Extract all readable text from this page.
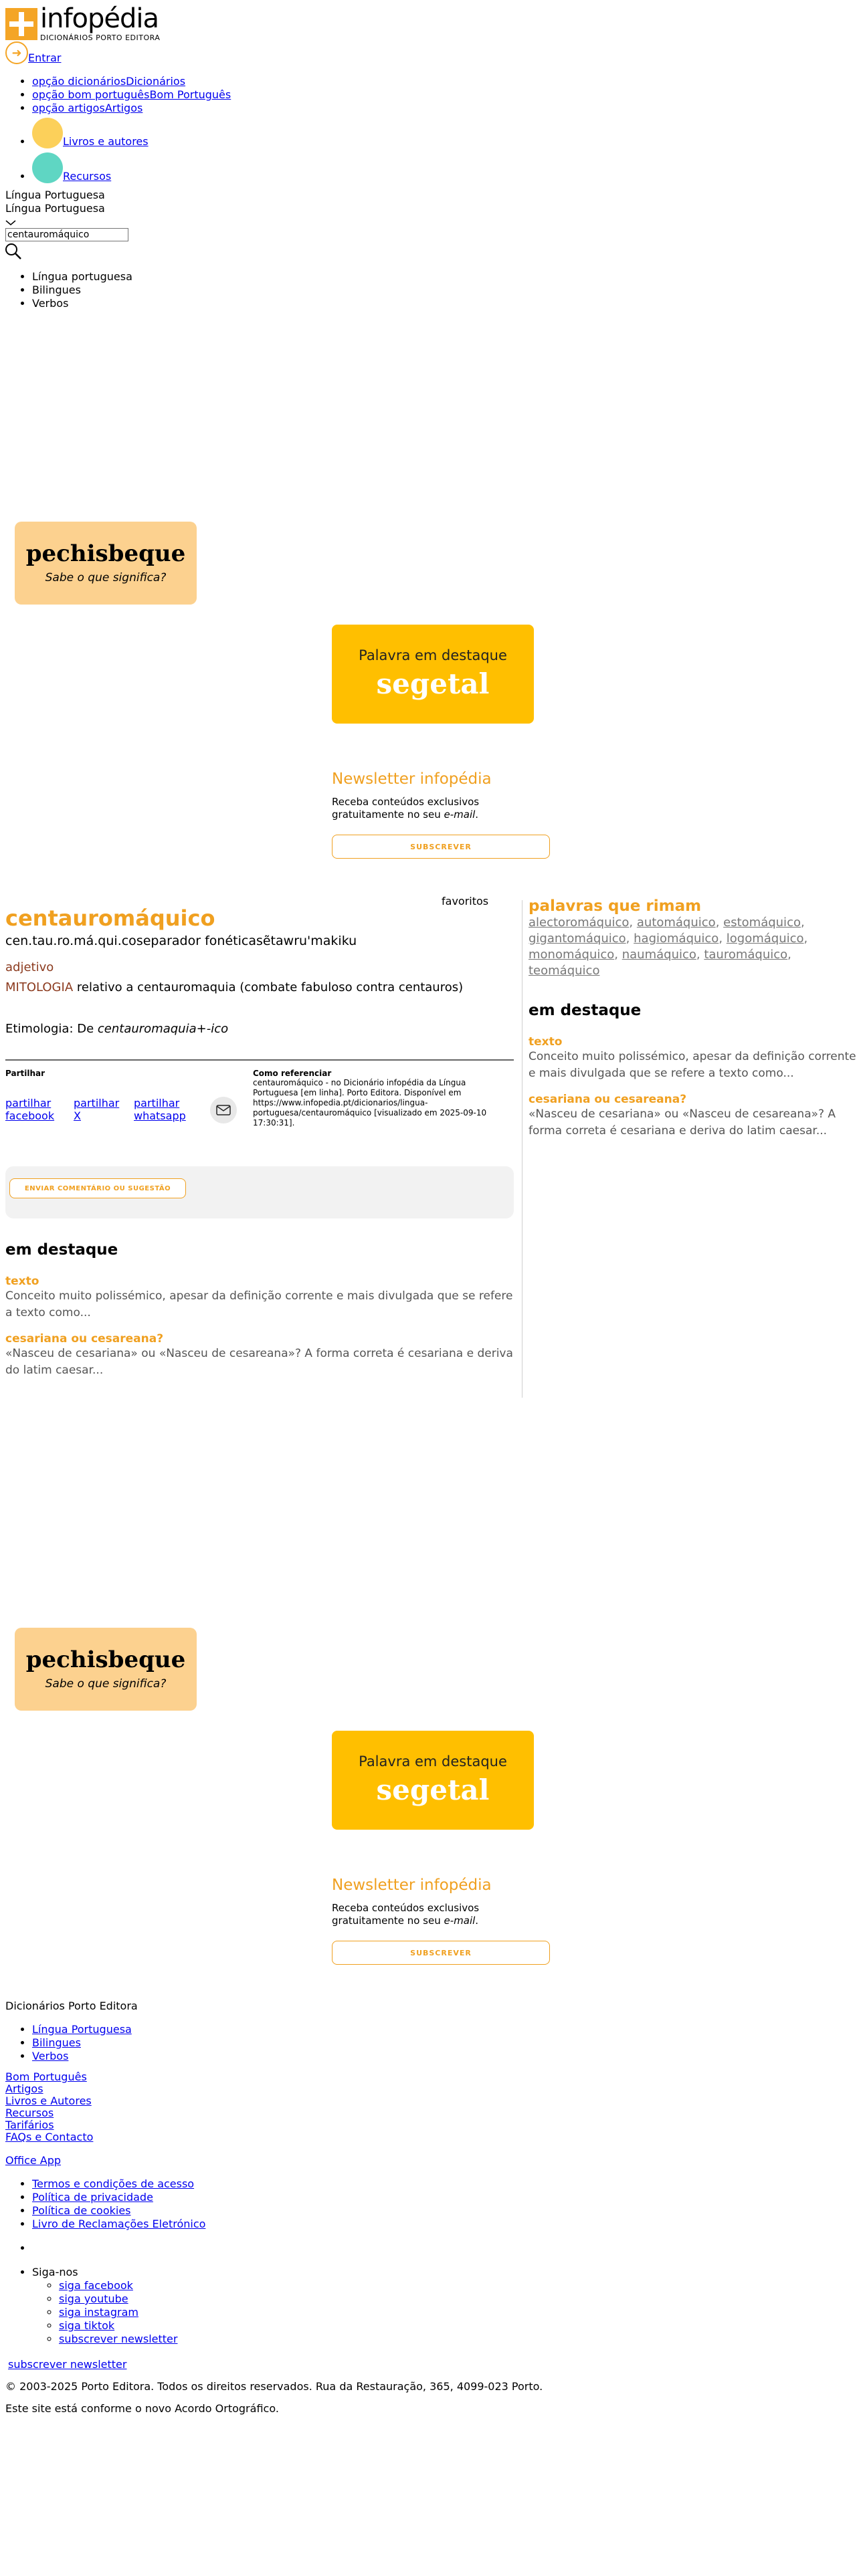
infopédia
DICIONÁRIOS PORTO EDITORA
➜ Entrar
• opção dicionáriosDicionários
• opção bom portuguêsBom Português
• opção artigosArtigos
• Livros e autores
• Recursos
Língua Portuguesa
Língua Portuguesa
centauromáquico
• Língua portuguesa
• Bilingues
• Verbos
pechisbeque
Sabe o que significa?
Palavra em destaque
segetal
Newsletter infopédia
Receba conteúdos exclusivos gratuitamente no seu e-mail.
SUBSCREVER
favoritos
centauromáquico
cen.tau.ro.má.qui.coseparador fonéticasẽtawru'makiku
adjetivo
MITOLOGIA relativo a centauromaquia (combate fabuloso contra centauros)
Etimologia: De centauromaquia+-ico
Partilhar
partilhar facebook
partilhar X
partilhar whatsapp
Como referenciar
centauromáquico - no Dicionário infopédia da Língua Portuguesa [em linha]. Porto Editora. Disponível em https://www.infopedia.pt/dicionarios/lingua-portuguesa/centauromáquico [visualizado em 2025-09-10 17:30:31].
ENVIAR COMENTÁRIO OU SUGESTÃO
em destaque
texto
Conceito muito polissémico, apesar da definição corrente e mais divulgada que se refere a texto como...
cesariana ou cesareana?
«Nasceu de cesariana» ou «Nasceu de cesareana»? A forma correta é cesariana e deriva do latim caesar...
palavras que rimam
alectoromáquico, automáquico, estomáquico, gigantomáquico, hagiomáquico, logomáquico, monomáquico, naumáquico, tauromáquico, teomáquico
em destaque
texto
Conceito muito polissémico, apesar da definição corrente e mais divulgada que se refere a texto como...
cesariana ou cesareana?
«Nasceu de cesariana» ou «Nasceu de cesareana»? A forma correta é cesariana e deriva do latim caesar...
pechisbeque
Sabe o que significa?
Palavra em destaque
segetal
Newsletter infopédia
Receba conteúdos exclusivos gratuitamente no seu e-mail.
SUBSCREVER
Dicionários Porto Editora
• Língua Portuguesa
• Bilingues
• Verbos
Bom Português
Artigos
Livros e Autores
Recursos
Tarifários
FAQs e Contacto
Office App
• Termos e condições de acesso
• Política de privacidade
• Política de cookies
• Livro de Reclamações Eletrónico
•
• Siga-nos
◦ siga facebook
◦ siga youtube
◦ siga instagram
◦ siga tiktok
◦ subscrever newsletter
subscrever newsletter
© 2003-2025 Porto Editora. Todos os direitos reservados. Rua da Restauração, 365, 4099-023 Porto.
Este site está conforme o novo Acordo Ortográfico.
